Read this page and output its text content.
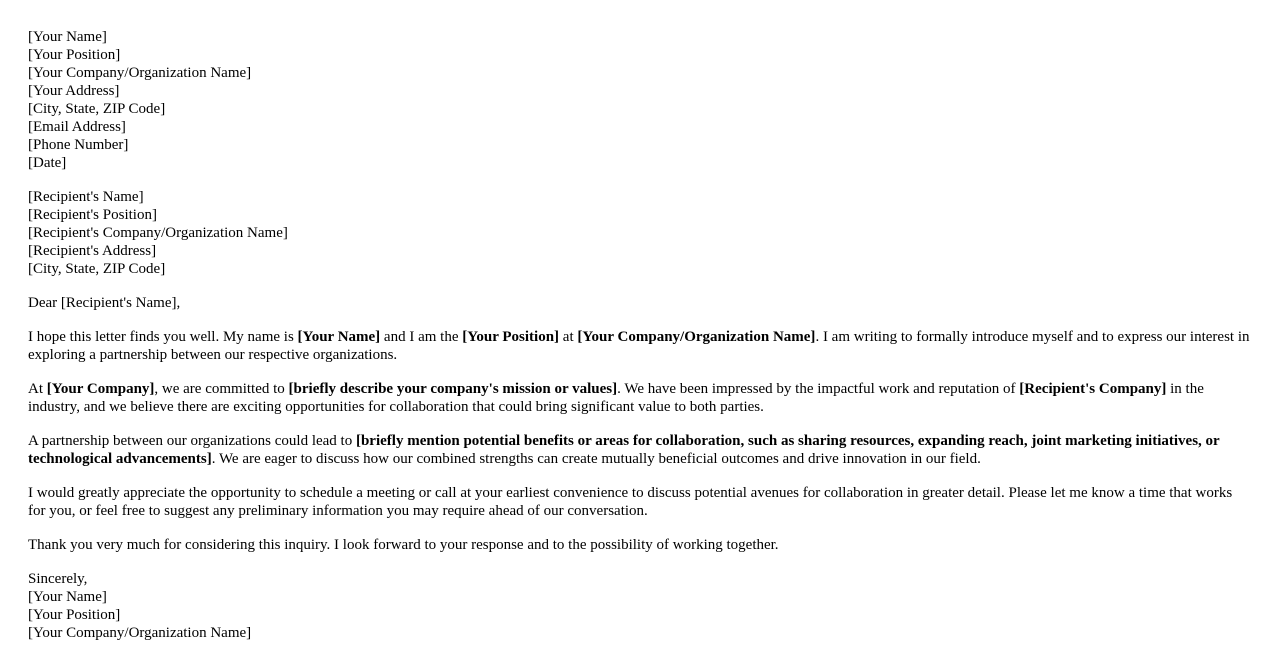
[Your Name]
[Your Position]
[Your Company/Organization Name]
[Your Address]
[City, State, ZIP Code]
[Email Address]
[Phone Number]
[Date]
[Recipient's Name]
[Recipient's Position]
[Recipient's Company/Organization Name]
[Recipient's Address]
[City, State, ZIP Code]

Dear [Recipient's Name],

I hope this letter finds you well. My name is [Your Name] and I am the [Your Position] at [Your Company/Organization Name]. I am writing to formally introduce myself and to express our interest in exploring a partnership between our respective organizations.

At [Your Company], we are committed to [briefly describe your company's mission or values]. We have been impressed by the impactful work and reputation of [Recipient's Company] in the industry, and we believe there are exciting opportunities for collaboration that could bring significant value to both parties.

A partnership between our organizations could lead to [briefly mention potential benefits or areas for collaboration, such as sharing resources, expanding reach, joint marketing initiatives, or technological advancements]. We are eager to discuss how our combined strengths can create mutually beneficial outcomes and drive innovation in our field.

I would greatly appreciate the opportunity to schedule a meeting or call at your earliest convenience to discuss potential avenues for collaboration in greater detail. Please let me know a time that works for you, or feel free to suggest any preliminary information you may require ahead of our conversation.

Thank you very much for considering this inquiry. I look forward to your response and to the possibility of working together.

Sincerely,
[Your Name]
[Your Position]
[Your Company/Organization Name]
